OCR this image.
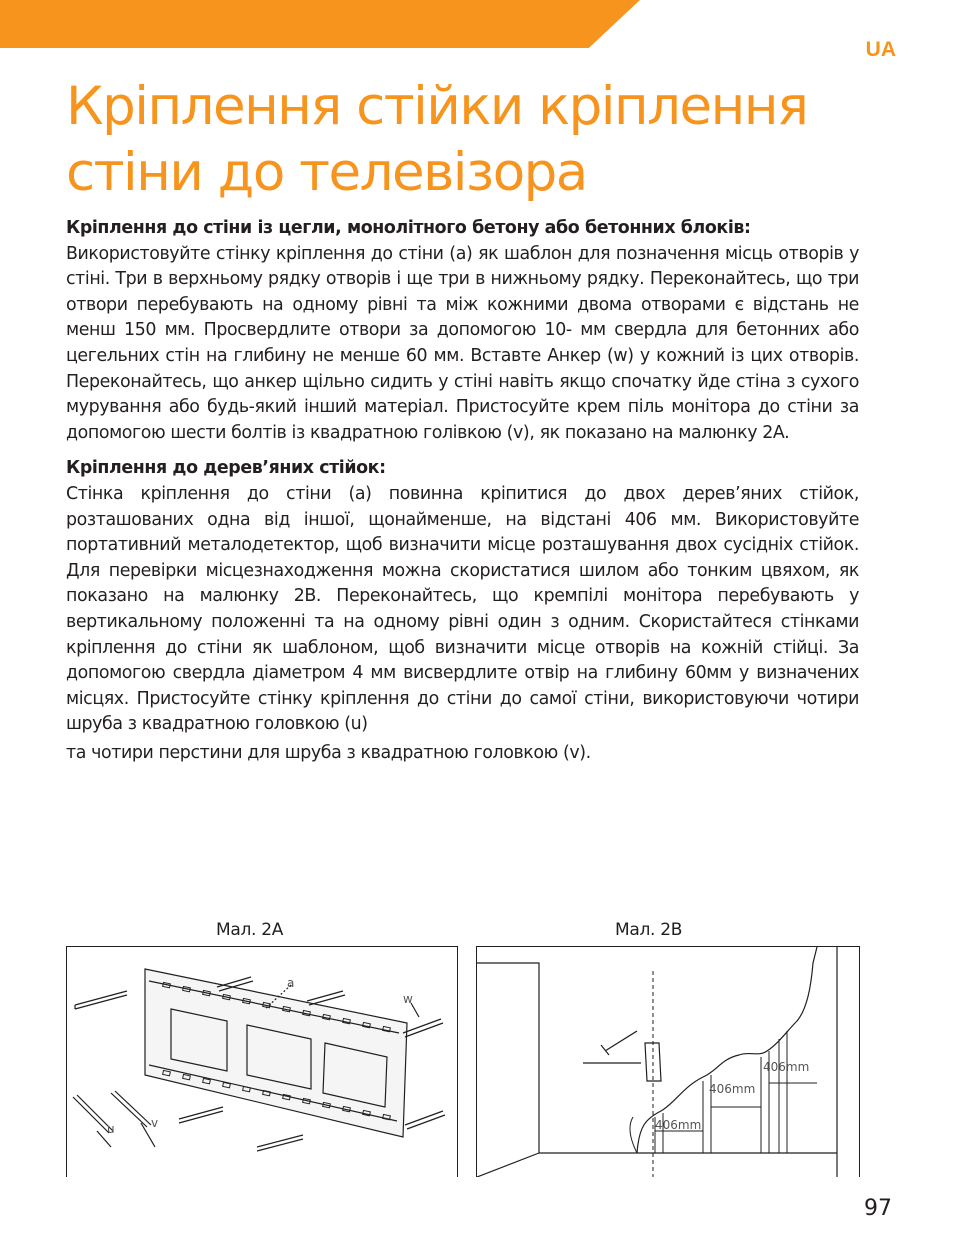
UA
Кріплення стійки кріплення стіни до телевізора
Кріплення до стіни із цегли, монолітного бетону або бетонних блоків:

Використовуйте стінку кріплення до стіни (a) як шаблон для позначення місць отворів у стіні. Три в верхньому рядку отворів і ще три в нижньому рядку. Переконайтесь, що три отвори перебувають на одному рівні та між кожними двома отворами є відстань не менш 150 мм. Просвердлите отвори за допомогою 10- мм свердла для бетонних або цегельних стін на глибину не менше 60 мм. Вставте Анкер (w) у кожний із цих отворів. Переконайтесь, що анкер щільно сидить у стіні навіть якщо спочатку йде стіна з сухого мурування або будь-який інший матеріал. Пристосуйте крем піль монітора до стіни за допомогою шести болтів із квадратною голівкою (v), як показано на малюнку 2A.

Кріплення до дерев’яних стійок:

Стінка кріплення до стіни (a) повинна кріпитися до двох дерев’яних стійок, розташованих одна від іншої, щонайменше, на відстані 406 мм. Використовуйте портативний металодетектор, щоб визначити місце розташування двох сусідніх стійок. Для перевірки місцезнаходження можна скористатися шилом або тонким цвяхом, як показано на малюнку 2B. Переконайтесь, що кремпілі монітора перебувають у вертикальному положенні та на одному рівні один з одним. Скористайтеся стінками кріплення до стіни як шаблоном, щоб визначити місце отворів на кожній стійці. За допомогою свердла діаметром 4 мм висвердлите отвір на глибину 60мм у визначених місцях. Пристосуйте стінку кріплення до стіни до самої стіни, використовуючи чотири шруба з квадратною головкою (u)

та чотири перстини для шруба з квадратною головкою (v).

Мал. 2A
a
w
u	v
Мал. 2B
406mm
406mm
406mm
97
